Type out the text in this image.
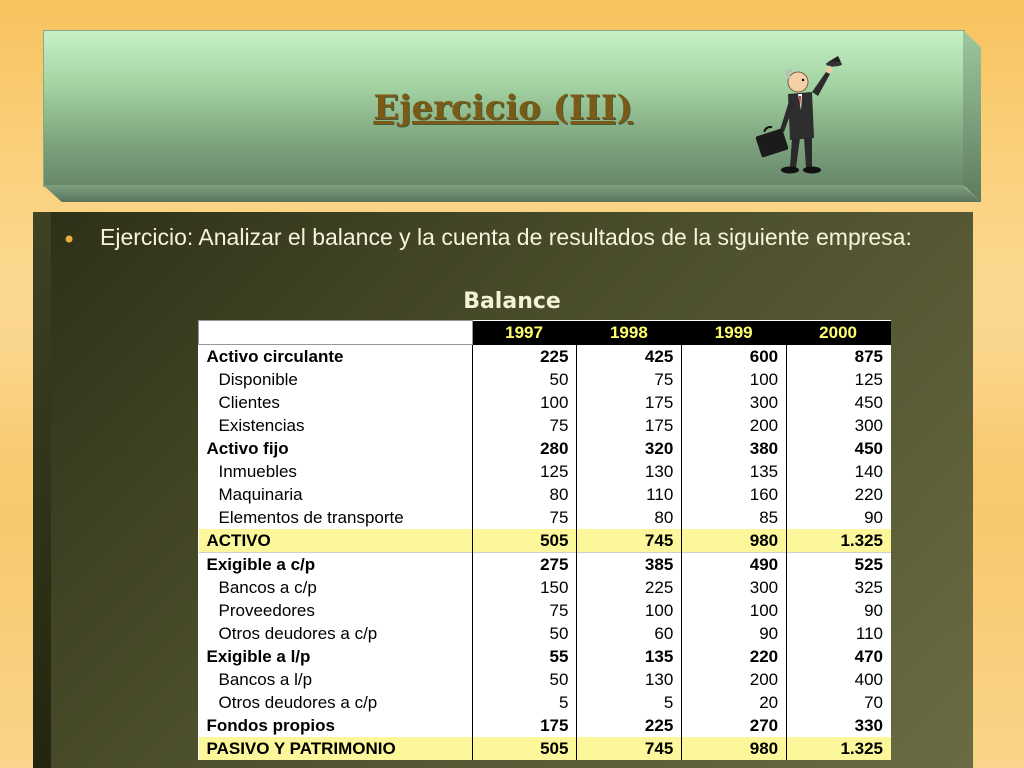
Ejercicio (III)
• Ejercicio: Analizar el balance y la cuenta de resultados de la siguiente empresa:
Balance
	1997	1998	1999	2000
Activo circulante	225	425	600	875
Disponible	50	75	100	125
Clientes	100	175	300	450
Existencias	75	175	200	300
Activo fijo	280	320	380	450
Inmuebles	125	130	135	140
Maquinaria	80	110	160	220
Elementos de transporte	75	80	85	90
ACTIVO	505	745	980	1.325
Exigible a c/p	275	385	490	525
Bancos a c/p	150	225	300	325
Proveedores	75	100	100	90
Otros deudores a c/p	50	60	90	110
Exigible a l/p	55	135	220	470
Bancos a l/p	50	130	200	400
Otros deudores a c/p	5	5	20	70
Fondos propios	175	225	270	330
PASIVO Y PATRIMONIO	505	745	980	1.325
